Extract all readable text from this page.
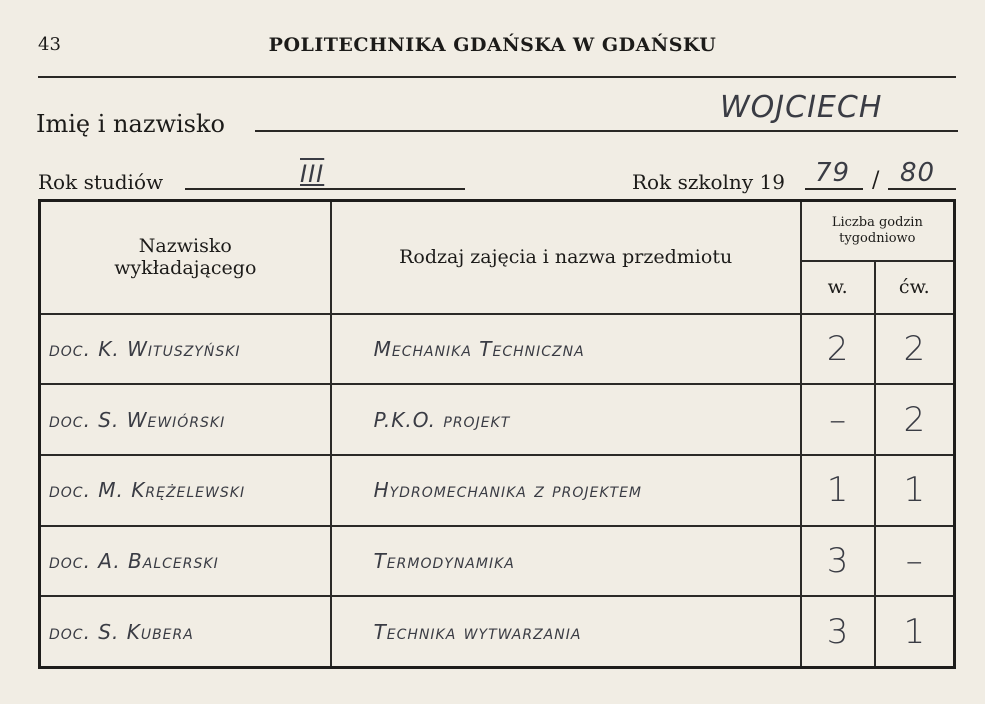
43	POLITECHNIKA GDAŃSKA W GDAŃSKU
Imię i nazwisko	WOJCIECH
Rok studiów	III	Rok szkolny 19 79 / 80
Nazwisko wykładającego	Rodzaj zajęcia i nazwa przedmiotu	Liczba godzin tygodniowo	
		w.	ćw.
doc. K. Wituszyński	Mechanika Techniczna	2	2
doc. S. Wewiórski	P.K.O. projekt	–	2
doc. M. Krężelewski	Hydromechanika z projektem	1	1
doc. A. Balcerski	Termodynamika	3	–
doc. S. Kubera	Technika wytwarzania	3	1
